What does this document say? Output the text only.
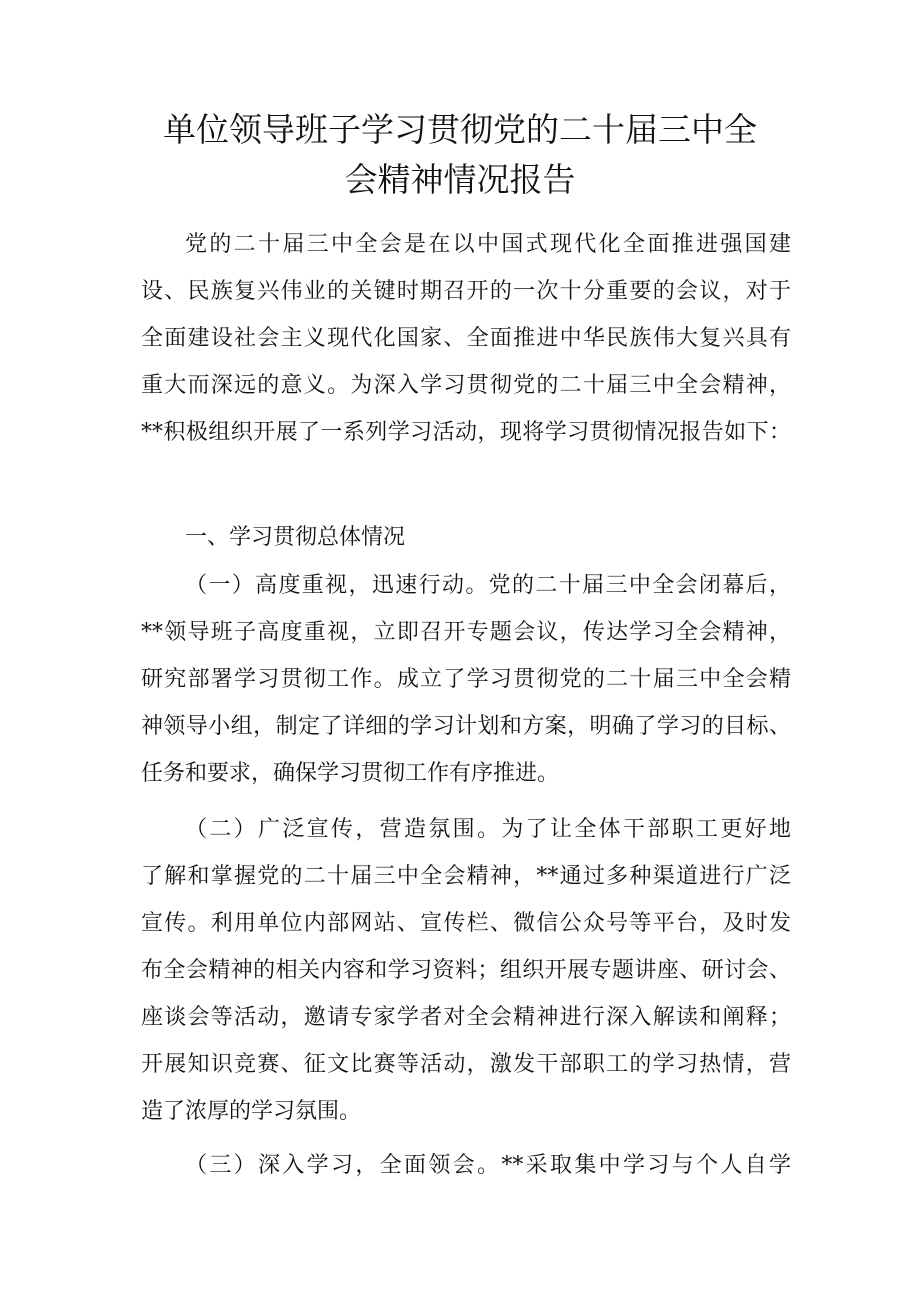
单位领导班子学习贯彻党的二十届三中全
会精神情况报告

党的二十届三中全会是在以中国式现代化全面推进强国建
设、民族复兴伟业的关键时期召开的一次十分重要的会议，对于
全面建设社会主义现代化国家、全面推进中华民族伟大复兴具有
重大而深远的意义。为深入学习贯彻党的二十届三中全会精神，
**积极组织开展了一系列学习活动，现将学习贯彻情况报告如下：

一、学习贯彻总体情况

（一）高度重视，迅速行动。党的二十届三中全会闭幕后，
**领导班子高度重视，立即召开专题会议，传达学习全会精神，
研究部署学习贯彻工作。成立了学习贯彻党的二十届三中全会精
神领导小组，制定了详细的学习计划和方案，明确了学习的目标、
任务和要求，确保学习贯彻工作有序推进。

（二）广泛宣传，营造氛围。为了让全体干部职工更好地
了解和掌握党的二十届三中全会精神，**通过多种渠道进行广泛
宣传。利用单位内部网站、宣传栏、微信公众号等平台，及时发
布全会精神的相关内容和学习资料；组织开展专题讲座、研讨会、
座谈会等活动，邀请专家学者对全会精神进行深入解读和阐释；
开展知识竞赛、征文比赛等活动，激发干部职工的学习热情，营
造了浓厚的学习氛围。

（三）深入学习，全面领会。**采取集中学习与个人自学
